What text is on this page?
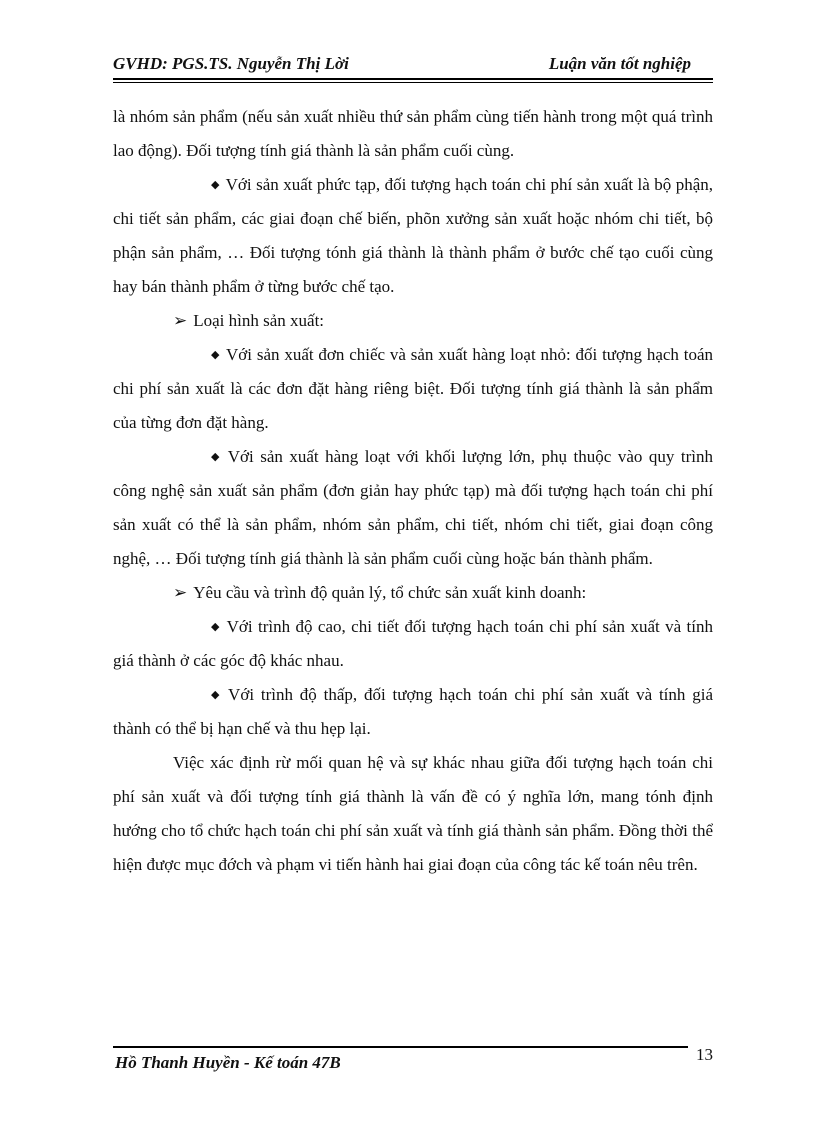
GVHD: PGS.TS. Nguyễn Thị Lời	Luận văn tốt nghiệp

là nhóm sản phẩm (nếu sản xuất nhiều thứ sản phẩm cùng tiến hành trong một quá trình lao động). Đối tượng tính giá thành là sản phẩm cuối cùng.

◆ Với sản xuất phức tạp, đối tượng hạch toán chi phí sản xuất là bộ phận, chi tiết sản phẩm, các giai đoạn chế biến, phõn xưởng sản xuất hoặc nhóm chi tiết, bộ phận sản phẩm, … Đối tượng tónh giá thành là thành phẩm ở bước chế tạo cuối cùng hay bán thành phẩm ở từng bước chế tạo.

➢ Loại hình sản xuất:

◆ Với sản xuất đơn chiếc và sản xuất hàng loạt nhỏ: đối tượng hạch toán chi phí sản xuất là các đơn đặt hàng riêng biệt. Đối tượng tính giá thành là sản phẩm của từng đơn đặt hàng.

◆ Với sản xuất hàng loạt với khối lượng lớn, phụ thuộc vào quy trình công nghệ sản xuất sản phẩm (đơn giản hay phức tạp) mà đối tượng hạch toán chi phí sản xuất có thể là sản phẩm, nhóm sản phẩm, chi tiết, nhóm chi tiết, giai đoạn công nghệ, … Đối tượng tính giá thành là sản phẩm cuối cùng hoặc bán thành phẩm.

➢ Yêu cầu và trình độ quản lý, tổ chức sản xuất kinh doanh:

◆ Với trình độ cao, chi tiết đối tượng hạch toán chi phí sản xuất và tính giá thành ở các góc độ khác nhau.

◆ Với trình độ thấp, đối tượng hạch toán chi phí sản xuất và tính giá thành có thể bị hạn chế và thu hẹp lại.

Việc xác định rừ mối quan hệ và sự khác nhau giữa đối tượng hạch toán chi phí sản xuất và đối tượng tính giá thành là vấn đề có ý nghĩa lớn, mang tónh định hướng cho tổ chức hạch toán chi phí sản xuất và tính giá thành sản phẩm. Đồng thời thể hiện được mục đớch và phạm vi tiến hành hai giai đoạn của công tác kế toán nêu trên.

Hồ Thanh Huyền - Kế toán 47B	13
